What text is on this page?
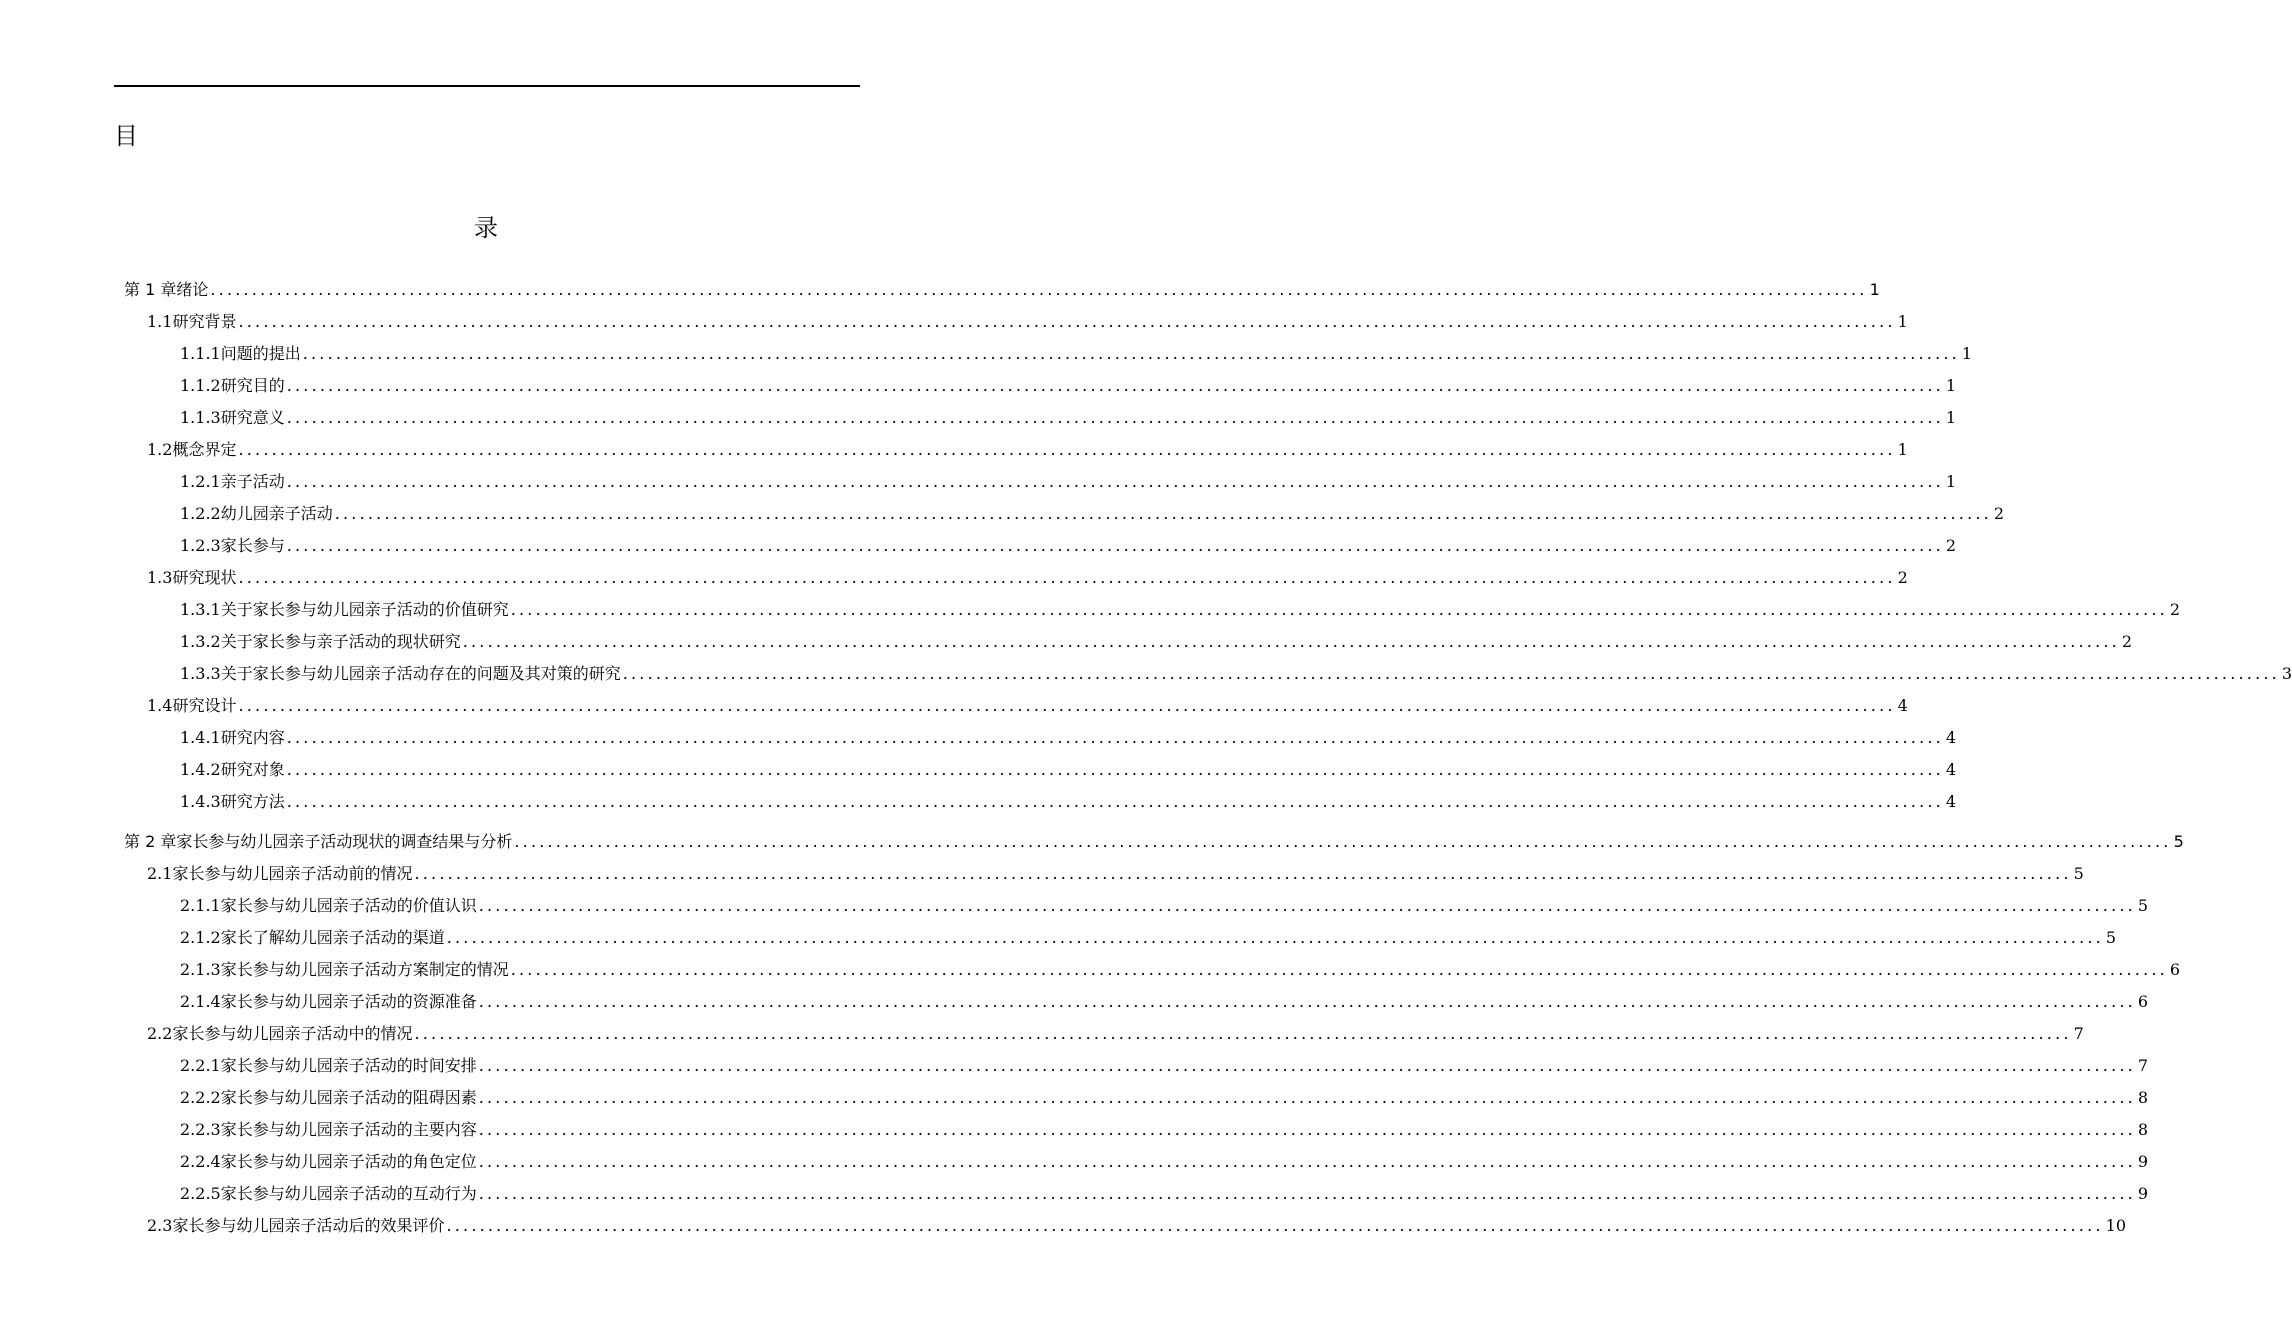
目
录
第 1 章 绪论 ........................................................................................................................................................................................................ 1
1.1 研究背景 ........................................................................................................................................................................................................ 1
1.1.1 问题的提出 ........................................................................................................................................................................................................ 1
1.1.2 研究目的 ........................................................................................................................................................................................................ 1
1.1.3 研究意义 ........................................................................................................................................................................................................ 1
1.2 概念界定 ........................................................................................................................................................................................................ 1
1.2.1 亲子活动 ........................................................................................................................................................................................................ 1
1.2.2 幼儿园亲子活动 ........................................................................................................................................................................................................ 2
1.2.3 家长参与 ........................................................................................................................................................................................................ 2
1.3 研究现状 ........................................................................................................................................................................................................ 2
1.3.1 关于家长参与幼儿园亲子活动的价值研究 ........................................................................................................................................................................................................ 2
1.3.2 关于家长参与亲子活动的现状研究 ........................................................................................................................................................................................................ 2
1.3.3 关于家长参与幼儿园亲子活动存在的问题及其对策的研究 ........................................................................................................................................................................................................ 3
1.4 研究设计 ........................................................................................................................................................................................................ 4
1.4.1 研究内容 ........................................................................................................................................................................................................ 4
1.4.2 研究对象 ........................................................................................................................................................................................................ 4
1.4.3 研究方法 ........................................................................................................................................................................................................ 4
第 2 章 家长参与幼儿园亲子活动现状的调查结果与分析 ........................................................................................................................................................................................................ 5
2.1 家长参与幼儿园亲子活动前的情况 ........................................................................................................................................................................................................ 5
2.1.1 家长参与幼儿园亲子活动的价值认识 ........................................................................................................................................................................................................ 5
2.1.2 家长了解幼儿园亲子活动的渠道 ........................................................................................................................................................................................................ 5
2.1.3 家长参与幼儿园亲子活动方案制定的情况 ........................................................................................................................................................................................................ 6
2.1.4 家长参与幼儿园亲子活动的资源准备 ........................................................................................................................................................................................................ 6
2.2 家长参与幼儿园亲子活动中的情况 ........................................................................................................................................................................................................ 7
2.2.1 家长参与幼儿园亲子活动的时间安排 ........................................................................................................................................................................................................ 7
2.2.2 家长参与幼儿园亲子活动的阻碍因素 ........................................................................................................................................................................................................ 8
2.2.3 家长参与幼儿园亲子活动的主要内容 ........................................................................................................................................................................................................ 8
2.2.4 家长参与幼儿园亲子活动的角色定位 ........................................................................................................................................................................................................ 9
2.2.5 家长参与幼儿园亲子活动的互动行为 ........................................................................................................................................................................................................ 9
2.3 家长参与幼儿园亲子活动后的效果评价 ........................................................................................................................................................................................................ 10
